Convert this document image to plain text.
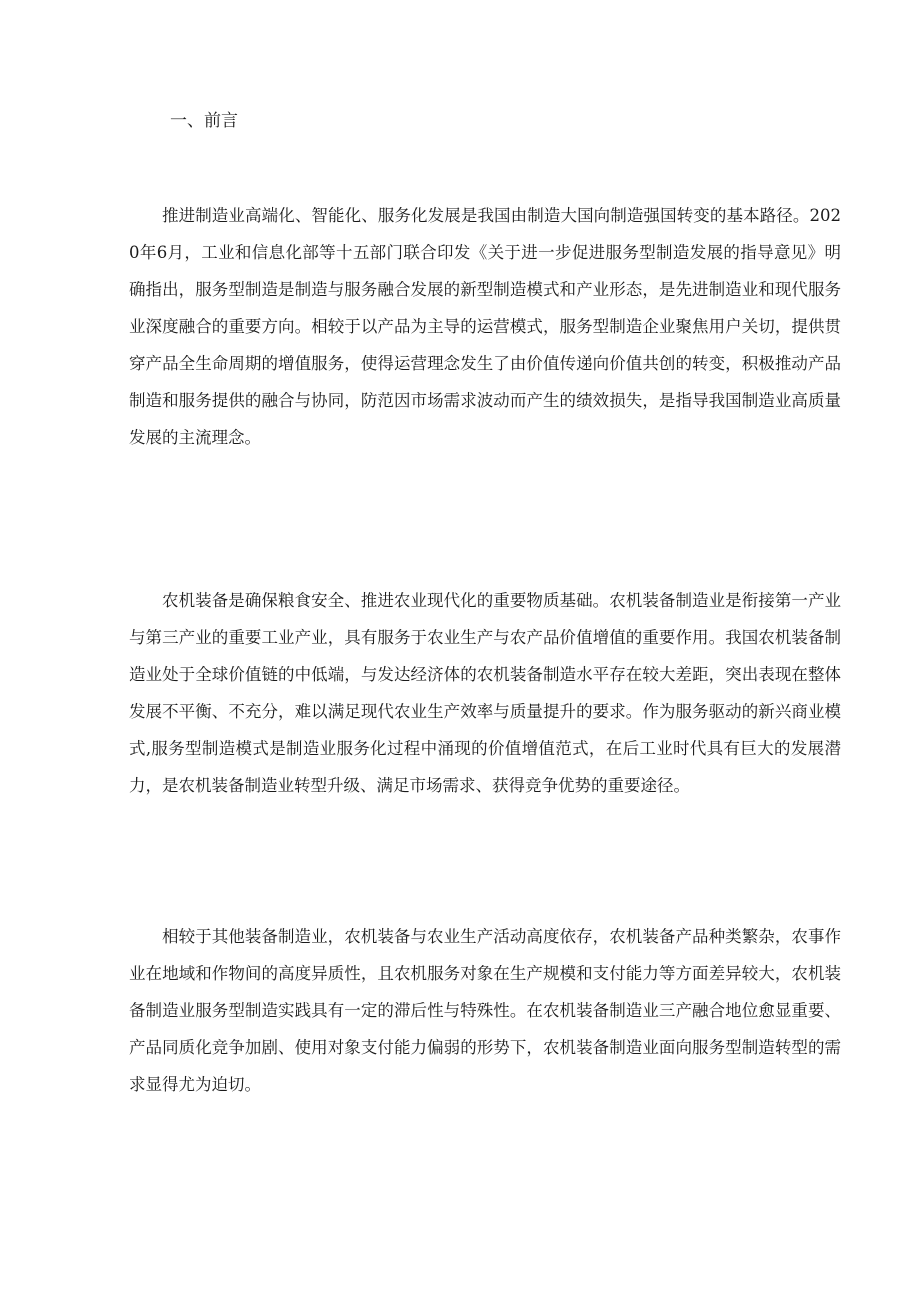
一、前言

推进制造业高端化、智能化、服务化发展是我国由制造大国向制造强国转变的基本路径。2020年6月，工业和信息化部等十五部门联合印发《关于进一步促进服务型制造发展的指导意见》明确指出，服务型制造是制造与服务融合发展的新型制造模式和产业形态，是先进制造业和现代服务业深度融合的重要方向。相较于以产品为主导的运营模式，服务型制造企业聚焦用户关切，提供贯穿产品全生命周期的增值服务，使得运营理念发生了由价值传递向价值共创的转变，积极推动产品制造和服务提供的融合与协同，防范因市场需求波动而产生的绩效损失，是指导我国制造业高质量发展的主流理念。

农机装备是确保粮食安全、推进农业现代化的重要物质基础。农机装备制造业是衔接第一产业与第三产业的重要工业产业，具有服务于农业生产与农产品价值增值的重要作用。我国农机装备制造业处于全球价值链的中低端，与发达经济体的农机装备制造水平存在较大差距，突出表现在整体发展不平衡、不充分，难以满足现代农业生产效率与质量提升的要求。作为服务驱动的新兴商业模式,服务型制造模式是制造业服务化过程中涌现的价值增值范式，在后工业时代具有巨大的发展潜力，是农机装备制造业转型升级、满足市场需求、获得竞争优势的重要途径。

相较于其他装备制造业，农机装备与农业生产活动高度依存，农机装备产品种类繁杂，农事作业在地域和作物间的高度异质性，且农机服务对象在生产规模和支付能力等方面差异较大，农机装备制造业服务型制造实践具有一定的滞后性与特殊性。在农机装备制造业三产融合地位愈显重要、产品同质化竞争加剧、使用对象支付能力偏弱的形势下，农机装备制造业面向服务型制造转型的需求显得尤为迫切。
